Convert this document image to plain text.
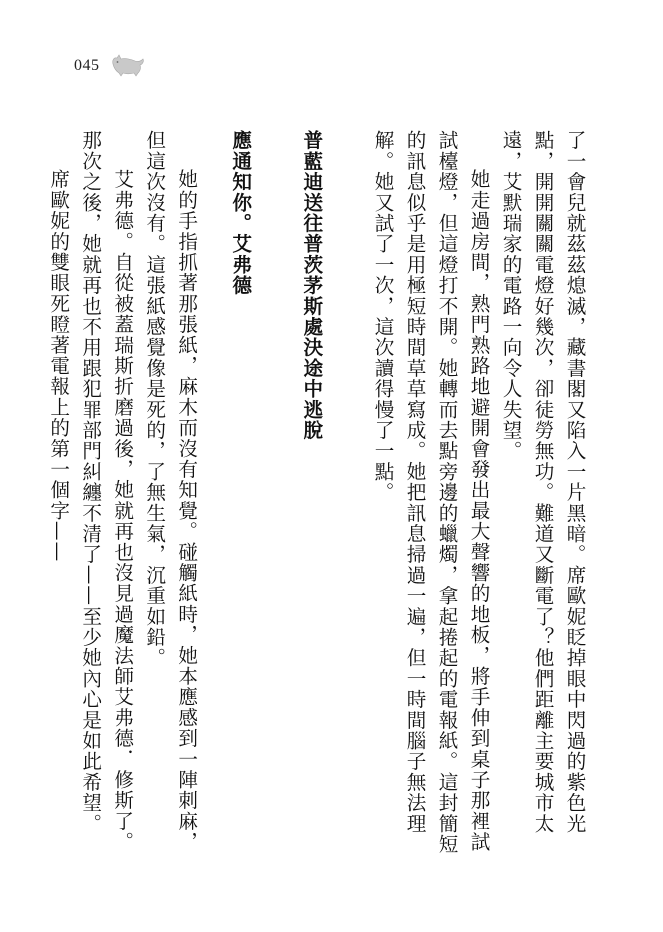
045

了一會兒就茲茲熄滅，藏書閣又陷入一片黑暗。席歐妮眨掉眼中閃過的紫色光點，開開關關電燈好幾次，卻徒勞無功。難道又斷電了？他們距離主要城市太遠，艾默瑞家的電路一向令人失望。

她走過房間，熟門熟路地避開會發出最大聲響的地板，將手伸到桌子那裡試試檯燈，但這燈打不開。她轉而去點旁邊的蠟燭，拿起捲起的電報紙。這封簡短的訊息似乎是用極短時間草草寫成。她把訊息掃過一遍，但一時間腦子無法理解。她又試了一次，這次讀得慢了一點。

普藍迪送往普茨茅斯處決途中逃脫

應通知你。艾弗德

她的手指抓著那張紙，麻木而沒有知覺。碰觸紙時，她本應感到一陣刺麻，但這次沒有。這張紙感覺像是死的，了無生氣，沉重如鉛。

艾弗德。自從被蓋瑞斯折磨過後，她就再也沒見過魔法師艾弗德．修斯了。那次之後，她就再也不用跟犯罪部門糾纏不清了——至少她內心是如此希望。

席歐妮的雙眼死瞪著電報上的第一個字——
